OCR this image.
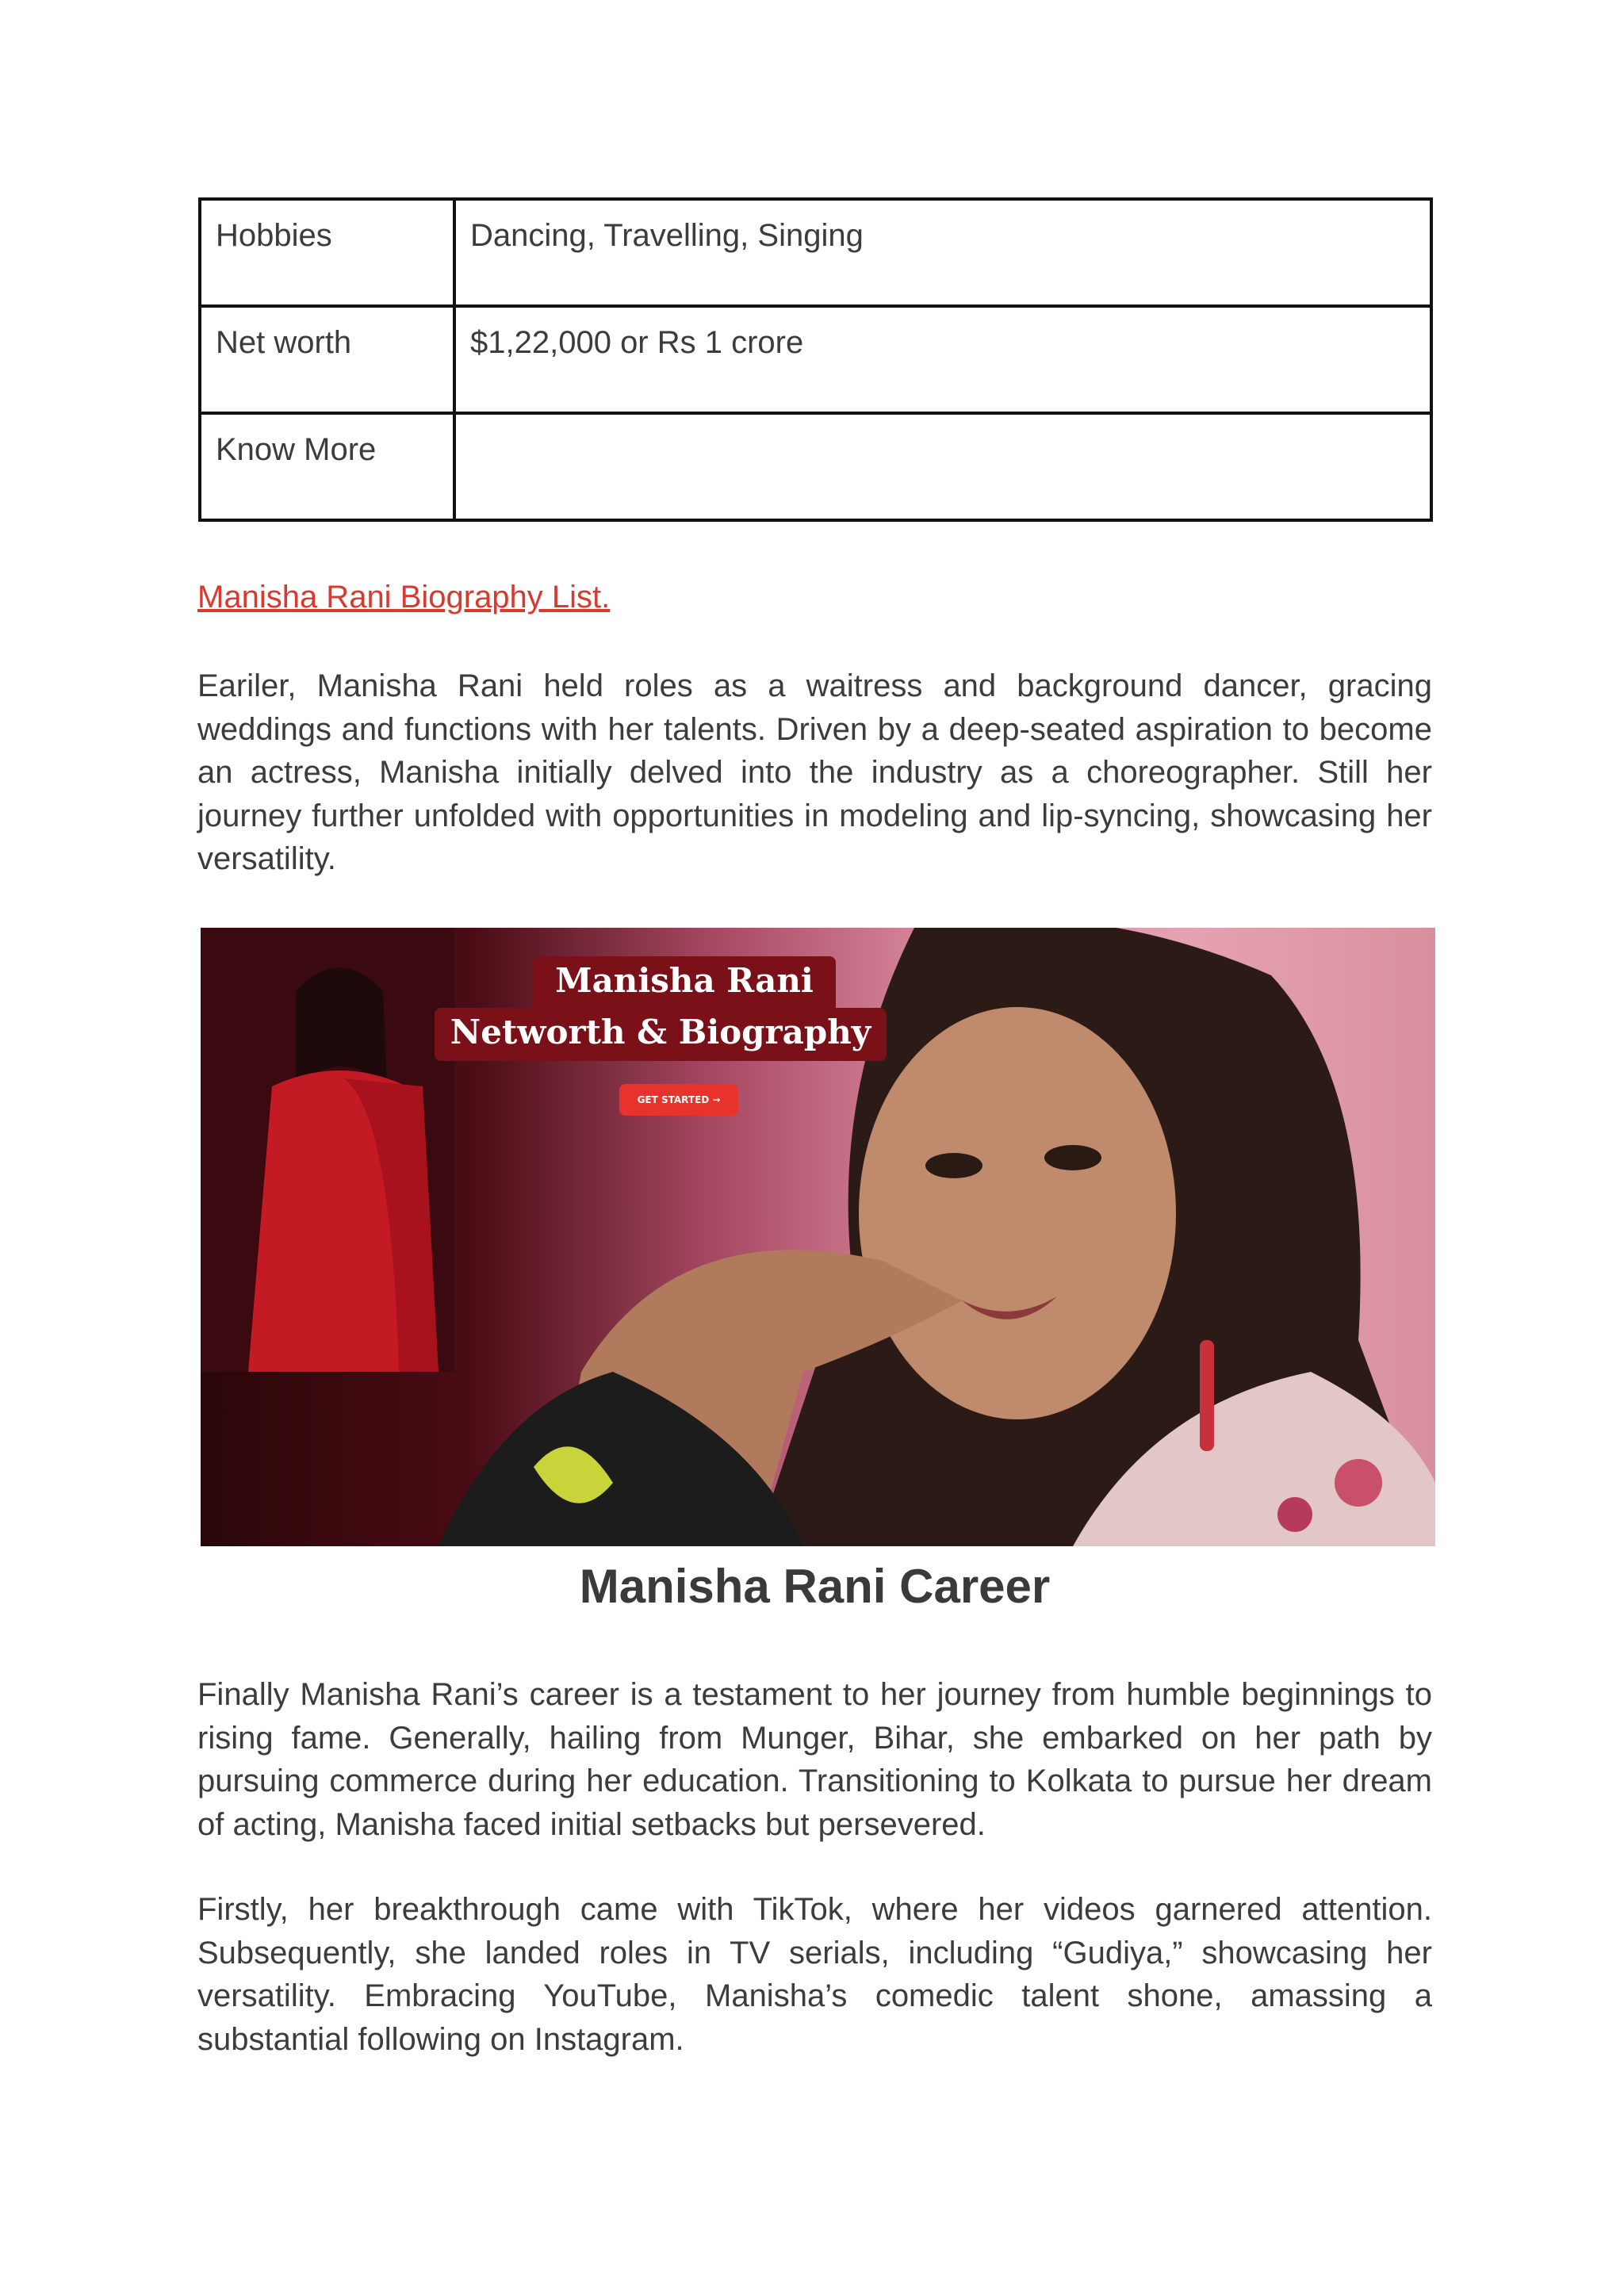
Hobbies	Dancing, Travelling, Singing
Net worth	$1,22,000 or Rs 1 crore
Know More	
Manisha Rani Biography List.

Eariler, Manisha Rani held roles as a waitress and background dancer, gracing weddings and functions with her talents. Driven by a deep-seated aspiration to become an actress, Manisha initially delved into the industry as a choreographer. Still her journey further unfolded with opportunities in modeling and lip-syncing, showcasing her versatility.

Manisha Rani
Networth & Biography
GET STARTED →
Manisha Rani Career

Finally Manisha Rani’s career is a testament to her journey from humble beginnings to rising fame. Generally, hailing from Munger, Bihar, she embarked on her path by pursuing commerce during her education. Transitioning to Kolkata to pursue her dream of acting, Manisha faced initial setbacks but persevered.

Firstly, her breakthrough came with TikTok, where her videos garnered attention. Subsequently, she landed roles in TV serials, including “Gudiya,” showcasing her versatility. Embracing YouTube, Manisha’s comedic talent shone, amassing a substantial following on Instagram.
